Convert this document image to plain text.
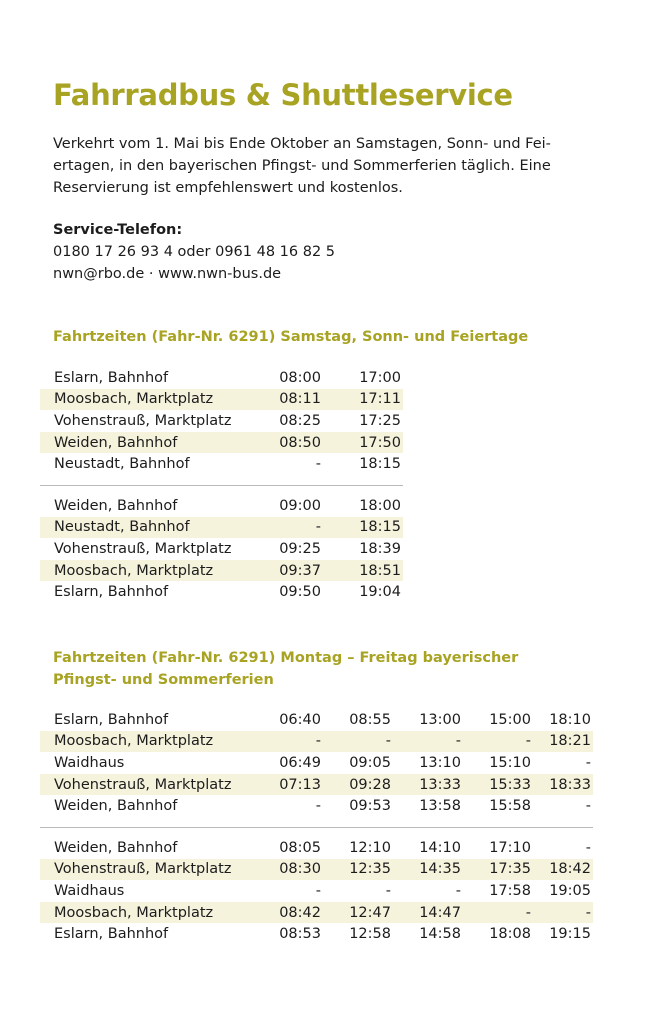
Fahrradbus & Shuttleservice

Verkehrt vom 1. Mai bis Ende Oktober an Samstagen, Sonn- und Fei-
ertagen, in den bayerischen Pfingst- und Sommerferien täglich. Eine
Reservierung ist empfehlenswert und kostenlos.

Service-Telefon:
0180 17 26 93 4 oder 0961 48 16 82 5
nwn@rbo.de · www.nwn-bus.de
Fahrtzeiten (Fahr-Nr. 6291) Samstag, Sonn- und Feiertage
Eslarn, Bahnhof	08:00	17:00
Moosbach, Marktplatz	08:11	17:11
Vohenstrauß, Marktplatz	08:25	17:25
Weiden, Bahnhof	08:50	17:50
Neustadt, Bahnhof	-	18:15

Weiden, Bahnhof	09:00	18:00
Neustadt, Bahnhof	-	18:15
Vohenstrauß, Marktplatz	09:25	18:39
Moosbach, Marktplatz	09:37	18:51
Eslarn, Bahnhof	09:50	19:04
Fahrtzeiten (Fahr-Nr. 6291) Montag – Freitag bayerischer
Pfingst- und Sommerferien
Eslarn, Bahnhof	06:40	08:55	13:00	15:00	18:10
Moosbach, Marktplatz	-	-	-	-	18:21
Waidhaus	06:49	09:05	13:10	15:10	-
Vohenstrauß, Marktplatz	07:13	09:28	13:33	15:33	18:33
Weiden, Bahnhof	-	09:53	13:58	15:58	-

Weiden, Bahnhof	08:05	12:10	14:10	17:10	-
Vohenstrauß, Marktplatz	08:30	12:35	14:35	17:35	18:42
Waidhaus	-	-	-	17:58	19:05
Moosbach, Marktplatz	08:42	12:47	14:47	-	-
Eslarn, Bahnhof	08:53	12:58	14:58	18:08	19:15
